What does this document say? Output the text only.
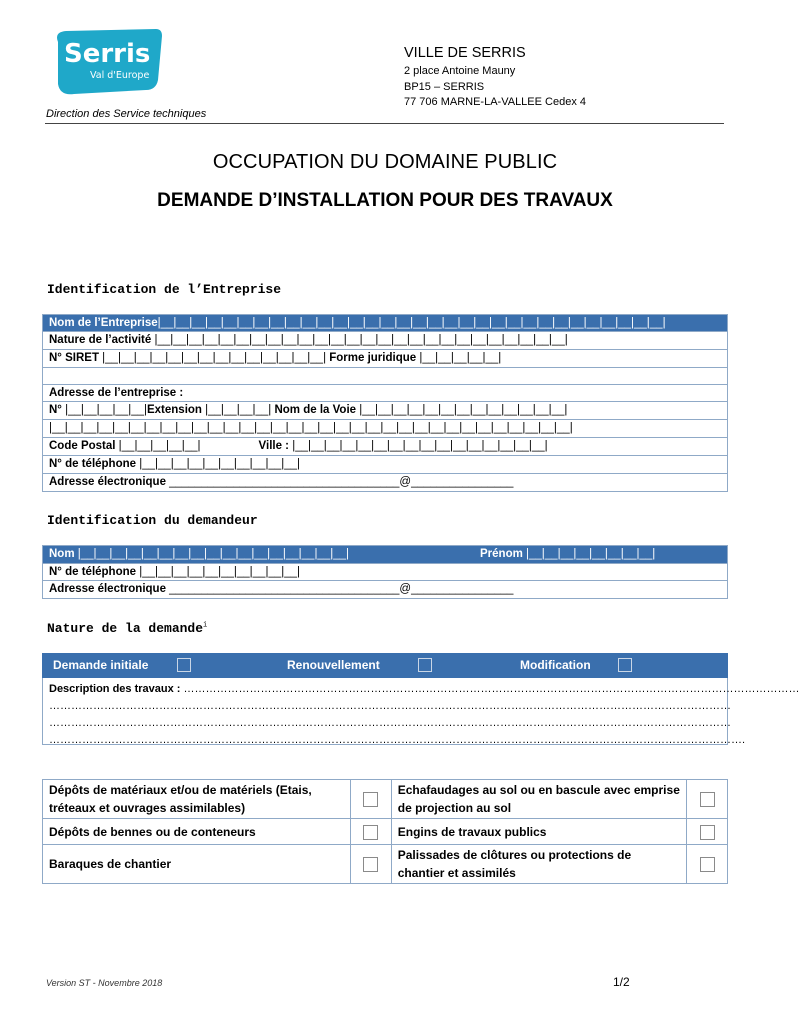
Serris
Val d'Europe
Direction des Service techniques
VILLE DE SERRIS
2 place Antoine Mauny
BP15 – SERRIS
77 706 MARNE-LA-VALLEE Cedex 4
OCCUPATION DU DOMAINE PUBLIC
DEMANDE D’INSTALLATION POUR DES TRAVAUX
Identification de l’Entreprise
Nom de l’Entreprise|__|__|__|__|__|__|__|__|__|__|__|__|__|__|__|__|__|__|__|__|__|__|__|__|__|__|__|__|__|__|__|__|
Nature de l’activité |__|__|__|__|__|__|__|__|__|__|__|__|__|__|__|__|__|__|__|__|__|__|__|__|__|__|
N° SIRET |__|__|__|__|__|__|__|__|__|__|__|__|__|__| Forme juridique |__|__|__|__|__|
Adresse de l’entreprise :
N° |__|__|__|__|__|Extension |__|__|__|__| Nom de la Voie |__|__|__|__|__|__|__|__|__|__|__|__|__|
|__|__|__|__|__|__|__|__|__|__|__|__|__|__|__|__|__|__|__|__|__|__|__|__|__|__|__|__|__|__|__|__|__|
Code Postal |__|__|__|__|__|	Ville : |__|__|__|__|__|__|__|__|__|__|__|__|__|__|__|__|
N° de téléphone |__|__|__|__|__|__|__|__|__|__|
Adresse électronique ____________________________________@________________
Identification du demandeur
Nom |__|__|__|__|__|__|__|__|__|__|__|__|__|__|__|__|__|	Prénom |__|__|__|__|__|__|__|__|
N° de téléphone |__|__|__|__|__|__|__|__|__|__|
Adresse électronique ____________________________________@________________
Nature de la demande$^i$
Demande initiale	Renouvellement	Modification
Description des travaux : ……………………………………………………………………………………………………………………………………………………
……………………………………………………………………………………………………………………………………………………………………
……………………………………………………………………………………………………………………………………………………………………
……………………………………………………………………………………………………………………………………………………………………….
Dépôts de matériaux et/ou de matériels (Etais, tréteaux et ouvrages assimilables)		Echafaudages au sol ou en bascule avec emprise de projection au sol	
Dépôts de bennes ou de conteneurs		Engins de travaux publics	
Baraques de chantier		Palissades de clôtures ou protections de chantier et assimilés	
Version ST - Novembre 2018	1/2
